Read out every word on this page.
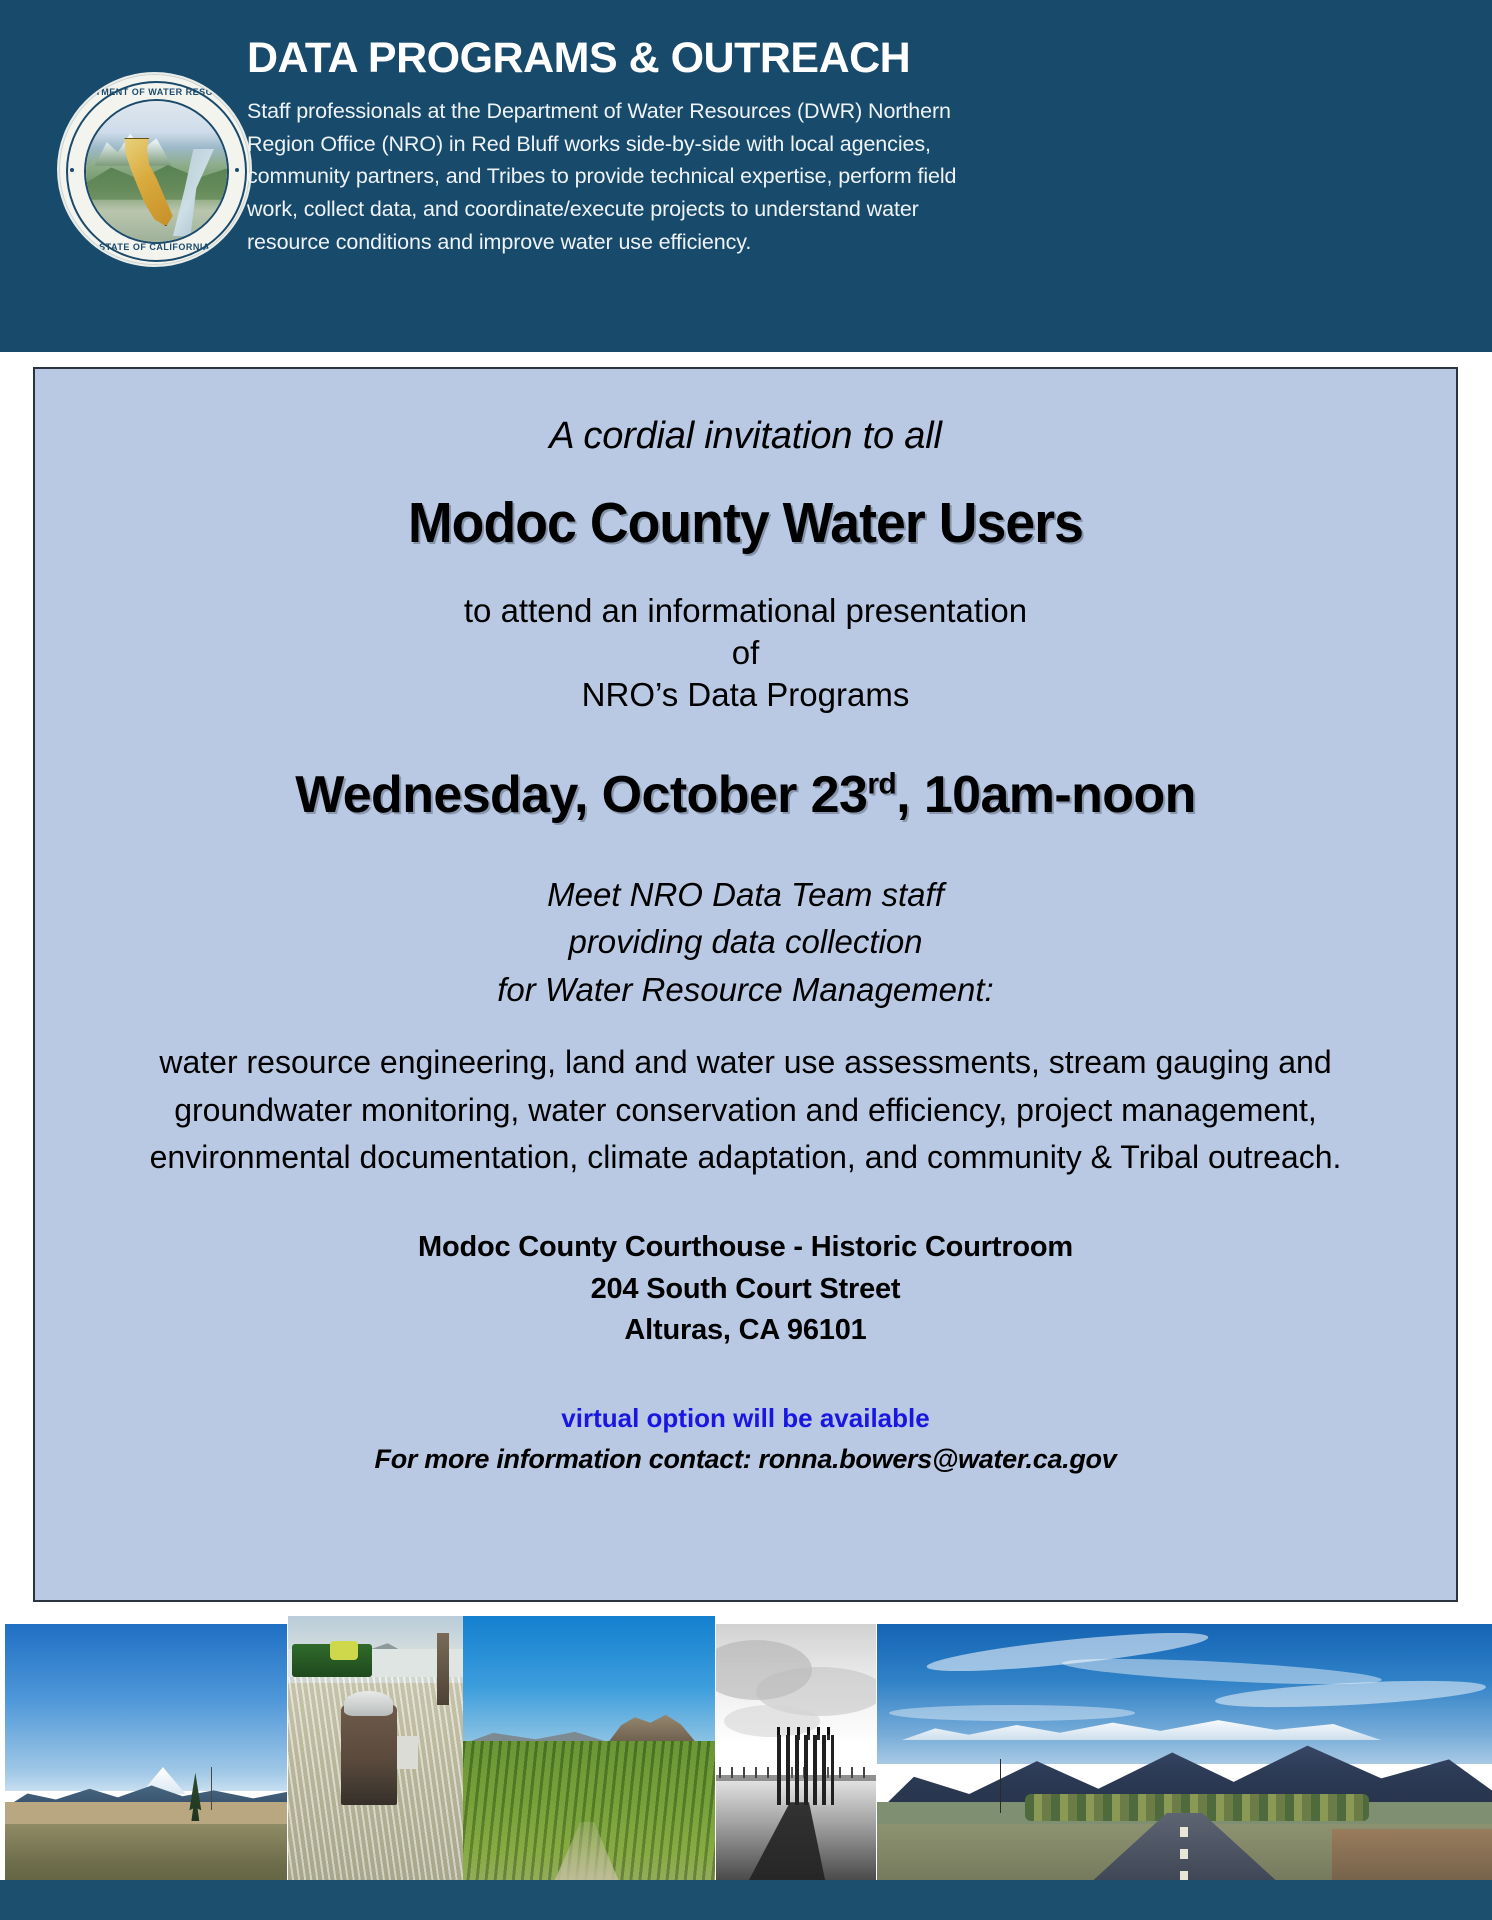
DEPARTMENT OF WATER RESOURCES
STATE OF CALIFORNIA
DATA PROGRAMS & OUTREACH
Staff professionals at the Department of Water Resources (DWR) Northern Region Office (NRO) in Red Bluff works side-by-side with local agencies, community partners, and Tribes to provide technical expertise, perform field work, collect data, and coordinate/execute projects to understand water resource conditions and improve water use efficiency.
A cordial invitation to all
Modoc County Water Users
to attend an informational presentation
of
NRO’s Data Programs
Wednesday, October 23rd, 10am-noon
Meet NRO Data Team staff
providing data collection
for Water Resource Management:
water resource engineering, land and water use assessments, stream gauging and groundwater monitoring, water conservation and efficiency, project management, environmental documentation, climate adaptation, and community & Tribal outreach.
Modoc County Courthouse - Historic Courtroom
204 South Court Street
Alturas, CA 96101
virtual option will be available
For more information contact: ronna.bowers@water.ca.gov
